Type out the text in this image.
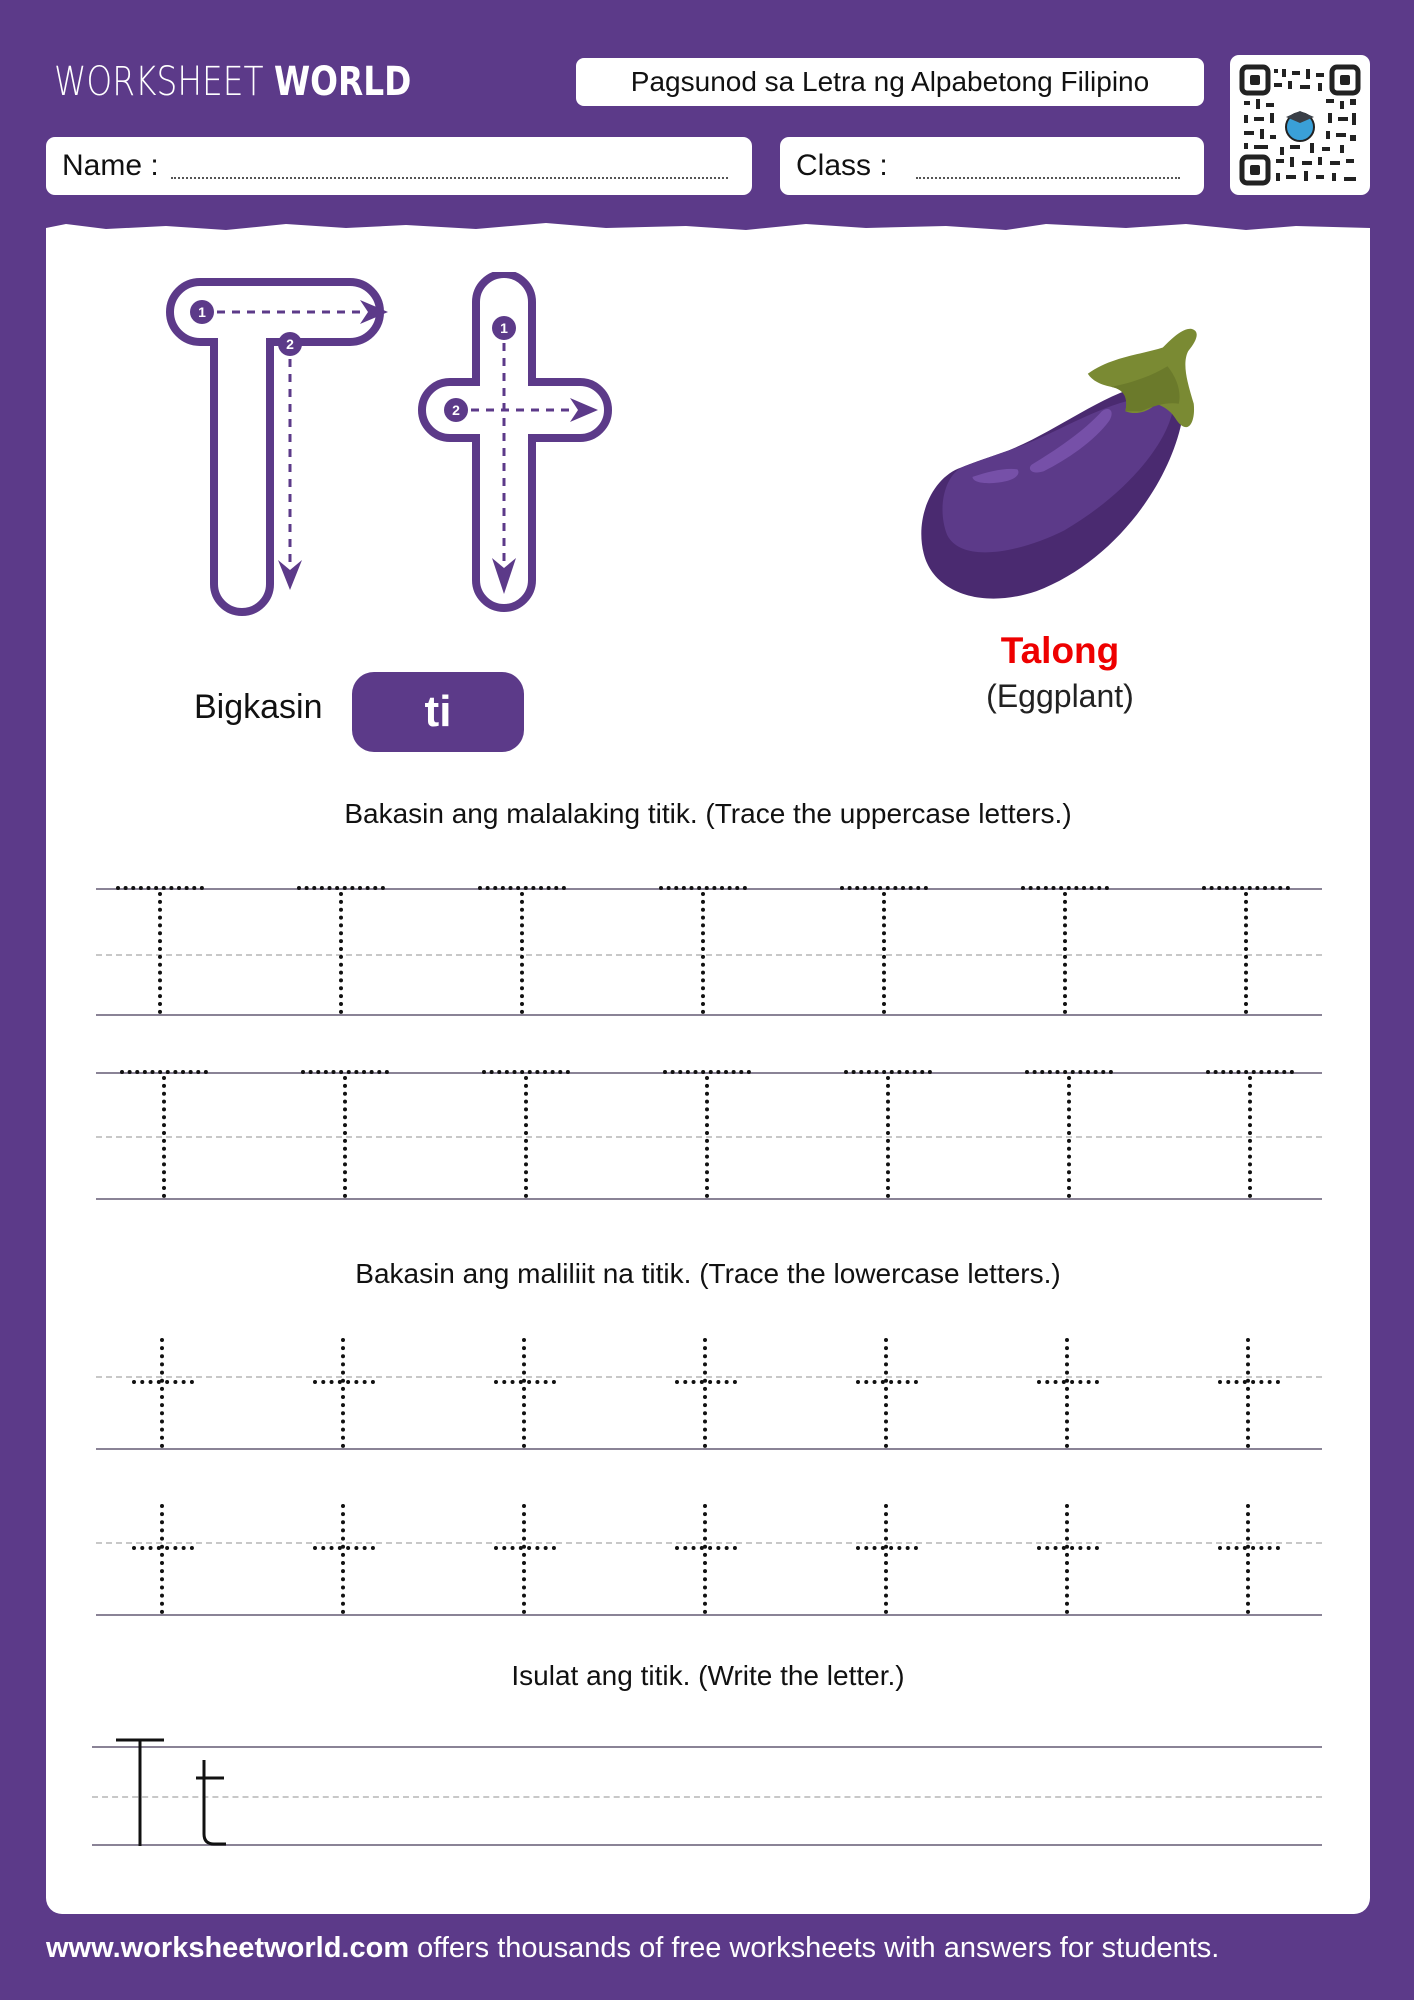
WORKSHEET WORLD	Pagsunod sa Letra ng Alpabetong Filipino
Name :	Class :
1
2
1
2
Bigkasin	ti
Talong
(Eggplant)
Bakasin ang malalaking titik. (Trace the uppercase letters.)
Bakasin ang maliliit na titik. (Trace the lowercase letters.)
Isulat ang titik. (Write the letter.)
www.worksheetworld.com offers thousands of free worksheets with answers for students.
